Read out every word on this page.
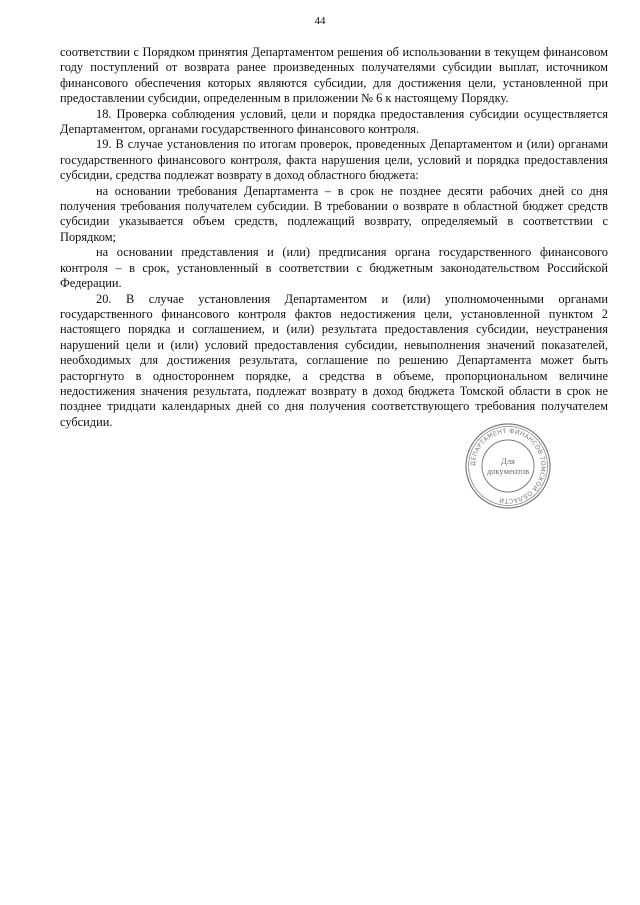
44

соответствии с Порядком принятия Департаментом решения об использовании в текущем финансовом году поступлений от возврата ранее произведенных получателями субсидии выплат, источником финансового обеспечения которых являются субсидии, для достижения цели, установленной при предоставлении субсидии, определенным в приложении № 6 к настоящему Порядку.

18. Проверка соблюдения условий, цели и порядка предоставления субсидии осуществляется Департаментом, органами государственного финансового контроля.

19. В случае установления по итогам проверок, проведенных Департаментом и (или) органами государственного финансового контроля, факта нарушения цели, условий и порядка предоставления субсидии, средства подлежат возврату в доход областного бюджета:

на основании требования Департамента – в срок не позднее десяти рабочих дней со дня получения требования получателем субсидии. В требовании о возврате в областной бюджет средств субсидии указывается объем средств, подлежащий возврату, определяемый в соответствии с Порядком;

на основании представления и (или) предписания органа государственного финансового контроля – в срок, установленный в соответствии с бюджетным законодательством Российской Федерации.

20. В случае установления Департаментом и (или) уполномоченными органами государственного финансового контроля фактов недостижения цели, установленной пунктом 2 настоящего порядка и соглашением, и (или) результата предоставления субсидии, неустранения нарушений цели и (или) условий предоставления субсидии, невыполнения значений показателей, необходимых для достижения результата, соглашение по решению Департамента может быть расторгнуто в одностороннем порядке, а средства в объеме, пропорциональном величине недостижения значения результата, подлежат возврату в доход бюджета Томской области в срок не позднее тридцати календарных дней со дня получения соответствующего требования получателем субсидии.

ДЕПАРТАМЕНТ ФИНАНСОВ ТОМСКОЙ ОБЛАСТИ
Для
документов
